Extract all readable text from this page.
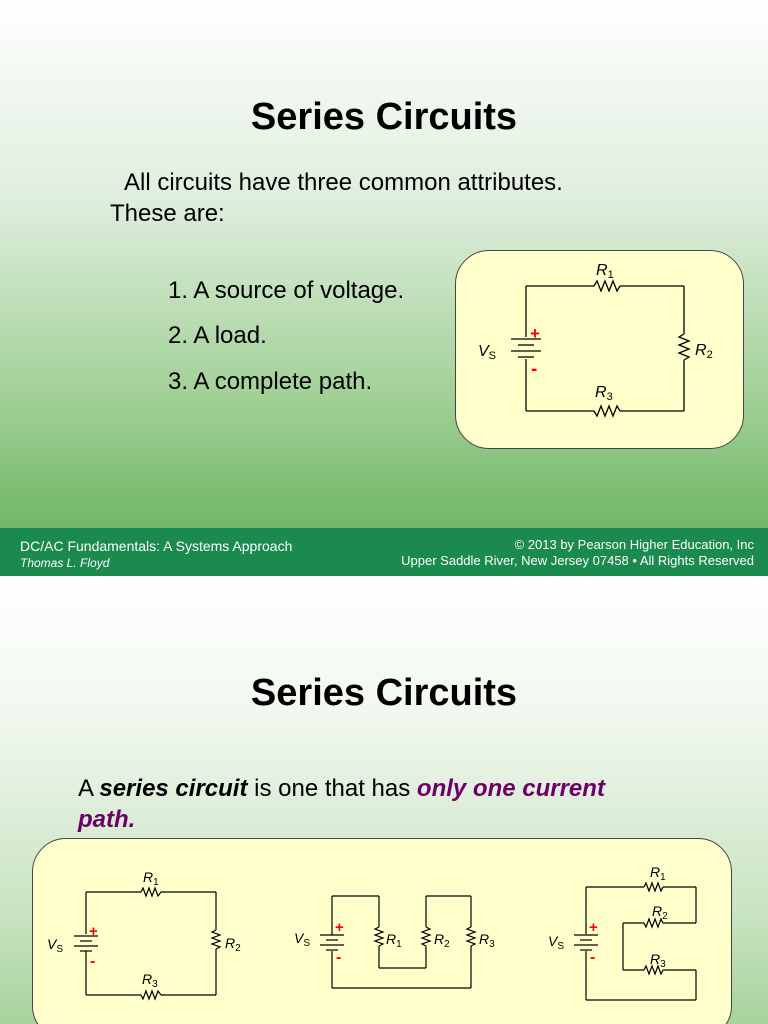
Series Circuits
All circuits have three common attributes.
These are:
1. A source of voltage.
2. A load.
3. A complete path.
R1
R2
R3
VS
+
-
DC/AC Fundamentals: A Systems Approach
Thomas L. Floyd
© 2013 by Pearson Higher Education, Inc
Upper Saddle River, New Jersey 07458 • All Rights Reserved
Series Circuits
A series circuit is one that has only one current
path.
$R_1$
$R_2$
$R_3$
$V_S$
+
-
$R_1$ $R_2$ $R_3$
$V_S$
+
-
$R_1$
$R_2$
$R_3$
$V_S$
+
-
